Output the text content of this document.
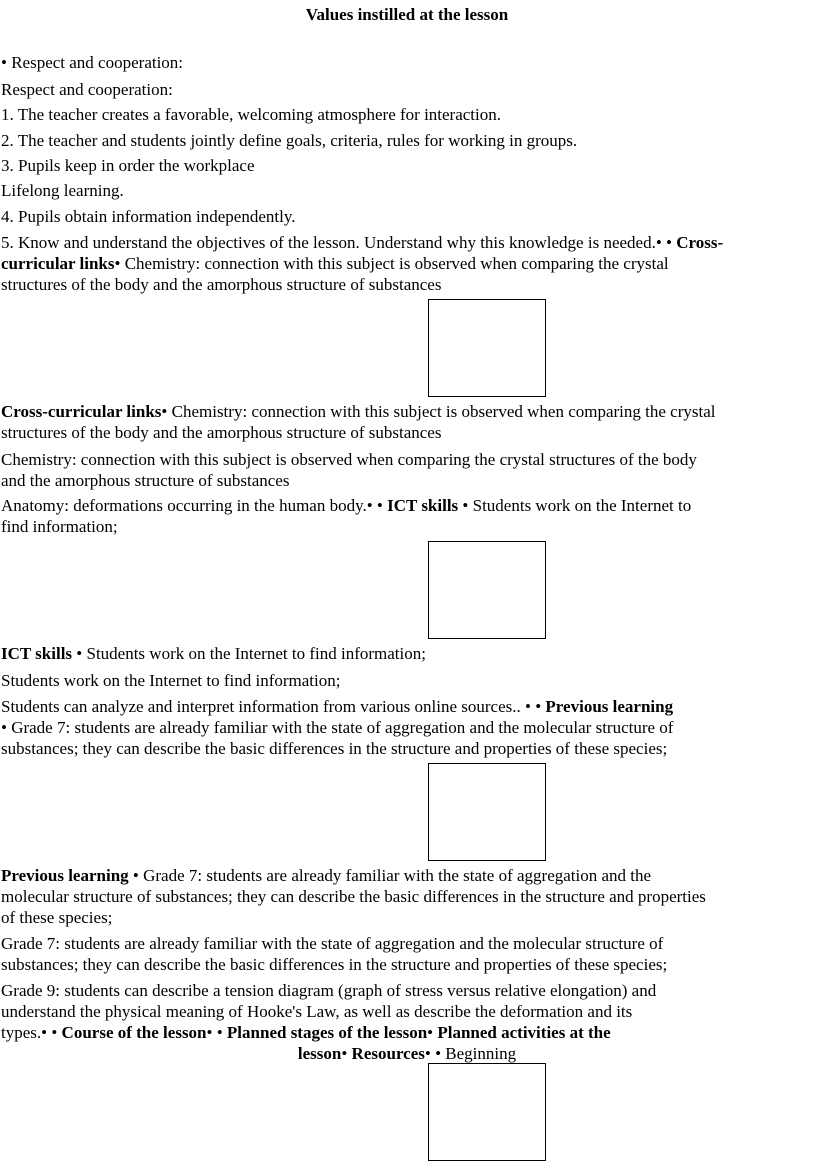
Values instilled at the lesson
• Respect and cooperation:
Respect and cooperation:
1. The teacher creates a favorable, welcoming atmosphere for interaction.
2. The teacher and students jointly define goals, criteria, rules for working in groups.
3. Pupils keep in order the workplace
Lifelong learning.
4. Pupils obtain information independently.
5. Know and understand the objectives of the lesson. Understand why this knowledge is needed.• • Cross-
curricular links• Chemistry: connection with this subject is observed when comparing the crystal
structures of the body and the amorphous structure of substances
Cross-curricular links• Chemistry: connection with this subject is observed when comparing the crystal
structures of the body and the amorphous structure of substances
Chemistry: connection with this subject is observed when comparing the crystal structures of the body
and the amorphous structure of substances
Anatomy: deformations occurring in the human body.• • ICT skills • Students work on the Internet to
find information;
ICT skills • Students work on the Internet to find information;
Students work on the Internet to find information;
Students can analyze and interpret information from various online sources.. • • Previous learning
• Grade 7: students are already familiar with the state of aggregation and the molecular structure of
substances; they can describe the basic differences in the structure and properties of these species;
Previous learning • Grade 7: students are already familiar with the state of aggregation and the
molecular structure of substances; they can describe the basic differences in the structure and properties
of these species;
Grade 7: students are already familiar with the state of aggregation and the molecular structure of
substances; they can describe the basic differences in the structure and properties of these species;
Grade 9: students can describe a tension diagram (graph of stress versus relative elongation) and
understand the physical meaning of Hooke's Law, as well as describe the deformation and its
types.• • Course of the lesson• • Planned stages of the lesson• Planned activities at the
lesson• Resources• • Beginning
